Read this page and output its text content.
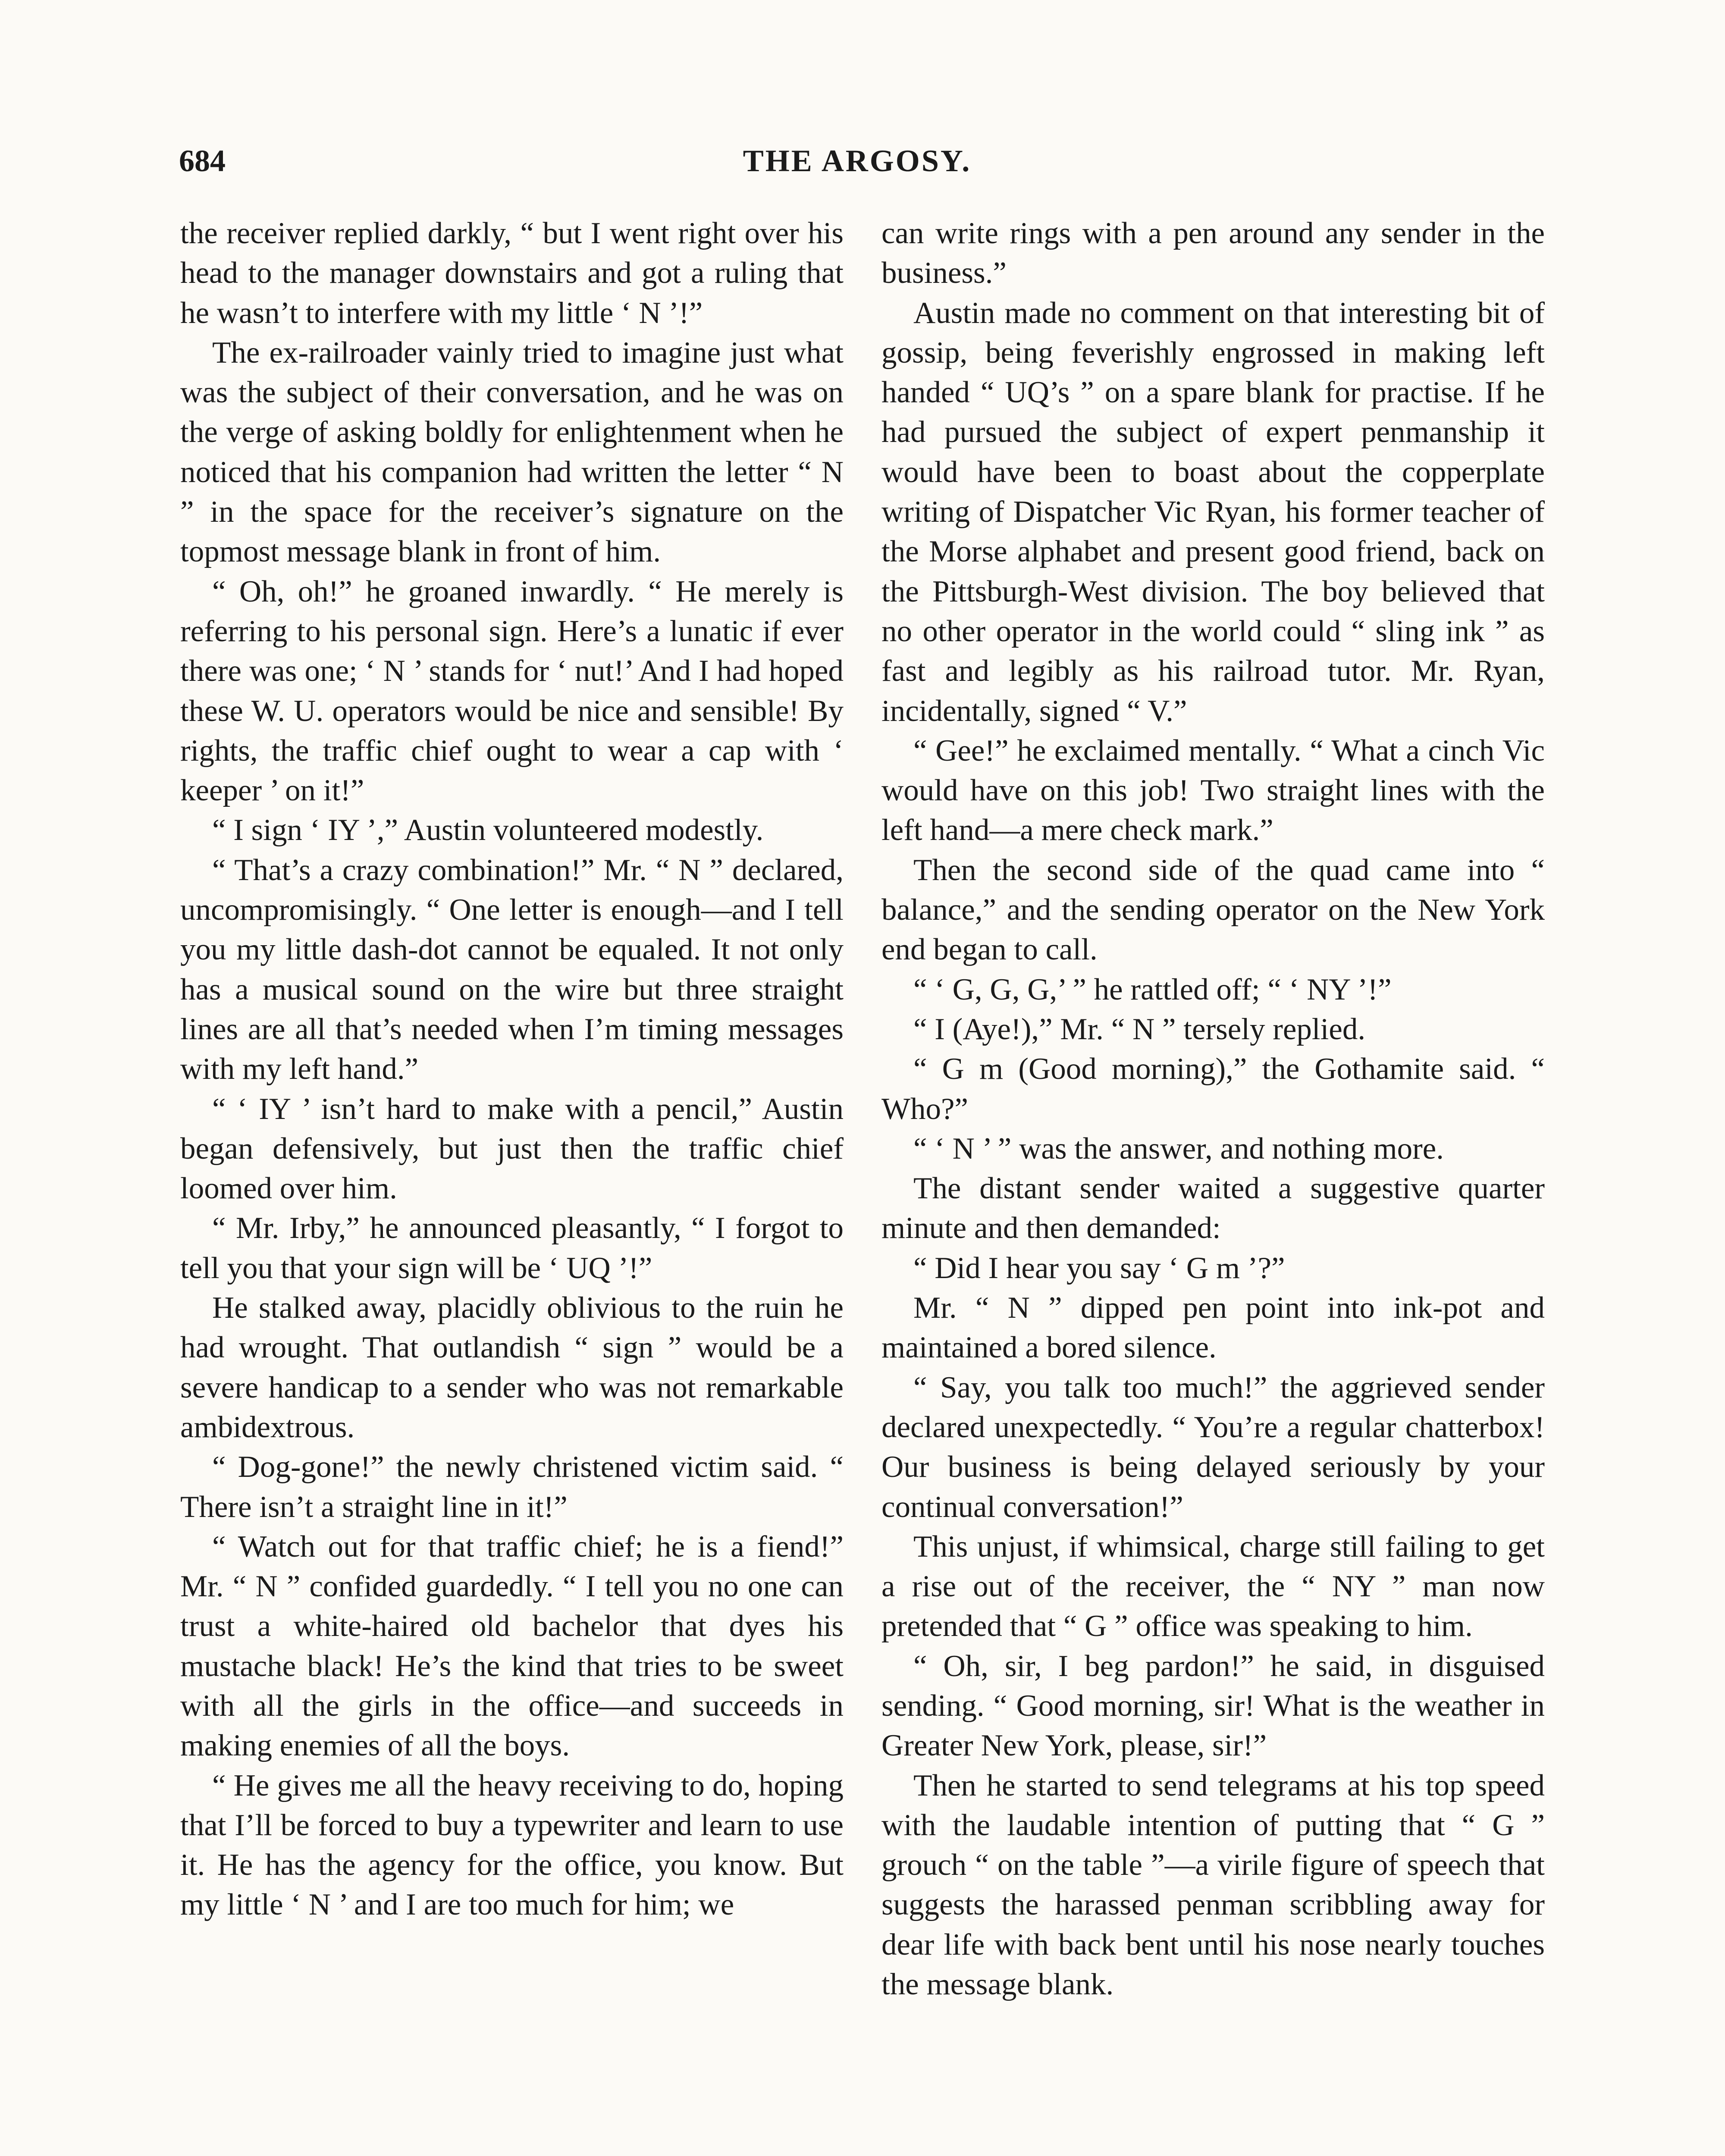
684	THE ARGOSY.

the receiver replied darkly, “ but I went right over his head to the manager downstairs and got a ruling that he wasn’t to interfere with my little ‘ N ’!”

The ex-railroader vainly tried to imagine just what was the subject of their conversation, and he was on the verge of asking boldly for enlightenment when he noticed that his companion had written the letter “ N ” in the space for the receiver’s signature on the topmost message blank in front of him.

“ Oh, oh!” he groaned inwardly. “ He merely is referring to his personal sign. Here’s a lunatic if ever there was one; ‘ N ’ stands for ‘ nut!’ And I had hoped these W. U. operators would be nice and sensible! By rights, the traffic chief ought to wear a cap with ‘ keeper ’ on it!”

“ I sign ‘ IY ’,” Austin volunteered modestly.

“ That’s a crazy combination!” Mr. “ N ” declared, uncompromisingly. “ One letter is enough—and I tell you my little dash-dot cannot be equaled. It not only has a musical sound on the wire but three straight lines are all that’s needed when I’m timing messages with my left hand.”

“ ‘ IY ’ isn’t hard to make with a pencil,” Austin began defensively, but just then the traffic chief loomed over him.

“ Mr. Irby,” he announced pleasantly, “ I forgot to tell you that your sign will be ‘ UQ ’!”

He stalked away, placidly oblivious to the ruin he had wrought. That outlandish “ sign ” would be a severe handicap to a sender who was not remarkable ambidextrous.

“ Dog-gone!” the newly christened victim said. “ There isn’t a straight line in it!”

“ Watch out for that traffic chief; he is a fiend!” Mr. “ N ” confided guardedly. “ I tell you no one can trust a white-haired old bachelor that dyes his mustache black! He’s the kind that tries to be sweet with all the girls in the office—and succeeds in making enemies of all the boys.

“ He gives me all the heavy receiving to do, hoping that I’ll be forced to buy a typewriter and learn to use it. He has the agency for the office, you know. But my little ‘ N ’ and I are too much for him; we

can write rings with a pen around any sender in the business.”

Austin made no comment on that interesting bit of gossip, being feverishly engrossed in making left handed “ UQ’s ” on a spare blank for practise. If he had pursued the subject of expert penmanship it would have been to boast about the copperplate writing of Dispatcher Vic Ryan, his former teacher of the Morse alphabet and present good friend, back on the Pittsburgh-West division. The boy believed that no other operator in the world could “ sling ink ” as fast and legibly as his railroad tutor. Mr. Ryan, incidentally, signed “ V.”

“ Gee!” he exclaimed mentally. “ What a cinch Vic would have on this job! Two straight lines with the left hand—a mere check mark.”

Then the second side of the quad came into “ balance,” and the sending operator on the New York end began to call.

“ ‘ G, G, G,’ ” he rattled off; “ ‘ NY ’!”

“ I (Aye!),” Mr. “ N ” tersely replied.

“ G m (Good morning),” the Gothamite said. “ Who?”

“ ‘ N ’ ” was the answer, and nothing more.

The distant sender waited a suggestive quarter minute and then demanded:

“ Did I hear you say ‘ G m ’?”

Mr. “ N ” dipped pen point into ink-pot and maintained a bored silence.

“ Say, you talk too much!” the aggrieved sender declared unexpectedly. “ You’re a regular chatterbox! Our business is being delayed seriously by your continual conversation!”

This unjust, if whimsical, charge still failing to get a rise out of the receiver, the “ NY ” man now pretended that “ G ” office was speaking to him.

“ Oh, sir, I beg pardon!” he said, in disguised sending. “ Good morning, sir! What is the weather in Greater New York, please, sir!”

Then he started to send telegrams at his top speed with the laudable intention of putting that “ G ” grouch “ on the table ”—a virile figure of speech that suggests the harassed penman scribbling away for dear life with back bent until his nose nearly touches the message blank.
